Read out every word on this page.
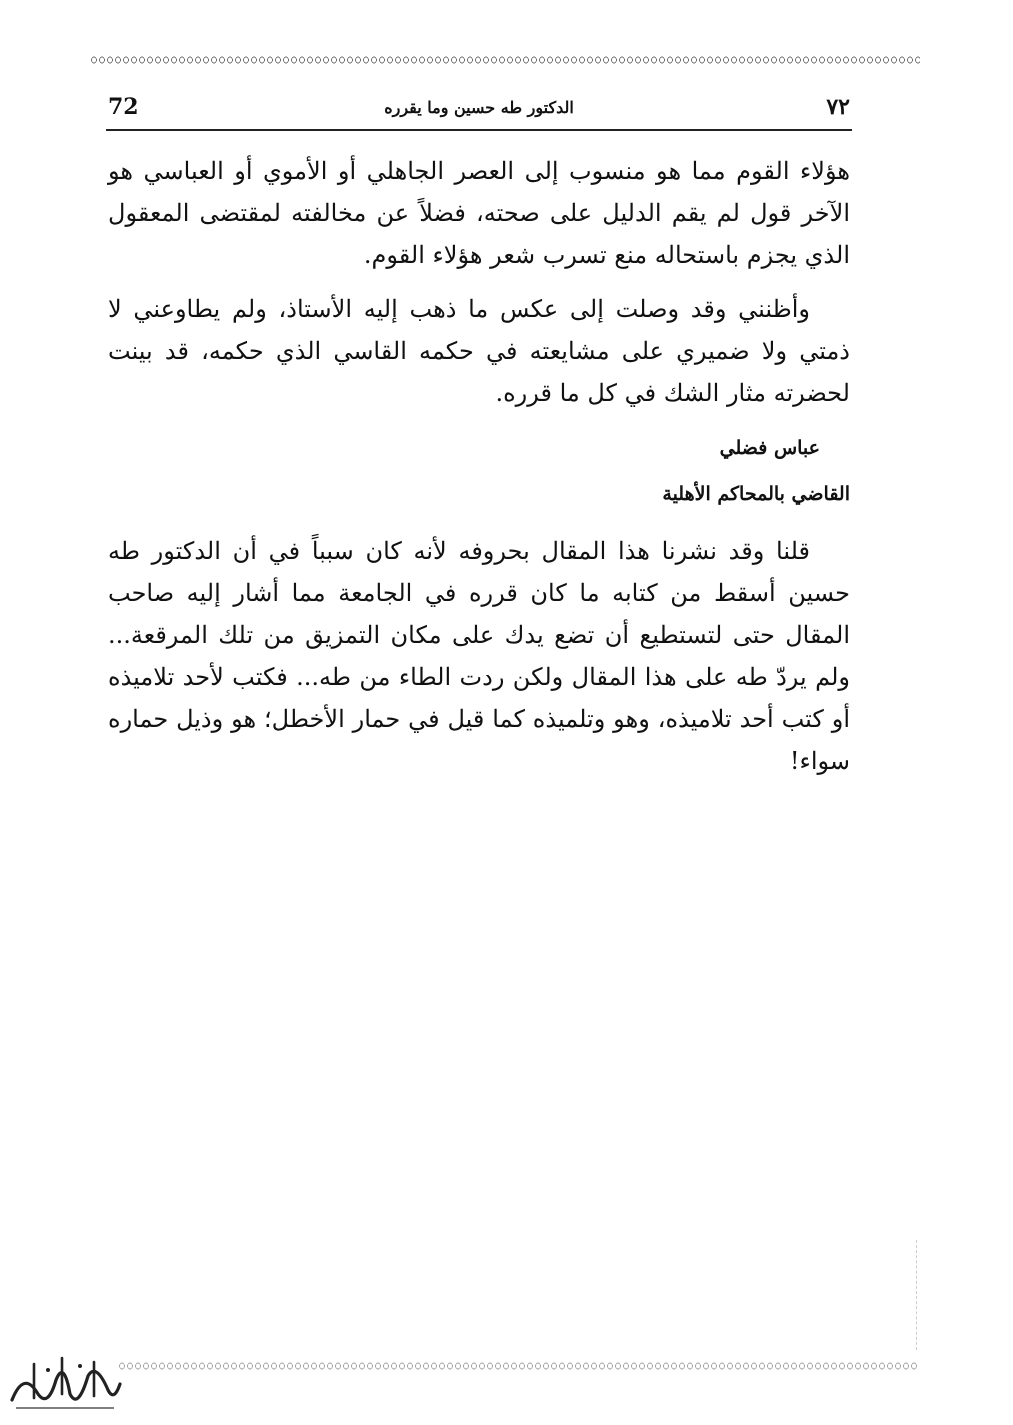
72	الدكتور طه حسين وما يقرره	٧٢

هؤلاء القوم مما هو منسوب إلى العصر الجاهلي أو الأموي أو العباسي هو الآخر قول لم يقم الدليل على صحته، فضلاً عن مخالفته لمقتضى المعقول الذي يجزم باستحاله منع تسرب شعر هؤلاء القوم.

وأظنني وقد وصلت إلى عكس ما ذهب إليه الأستاذ، ولم يطاوعني لا ذمتي ولا ضميري على مشايعته في حكمه القاسي الذي حكمه، قد بينت لحضرته مثار الشك في كل ما قرره.

عباس فضلي

القاضي بالمحاكم الأهلية

قلنا وقد نشرنا هذا المقال بحروفه لأنه كان سبباً في أن الدكتور طه حسين أسقط من كتابه ما كان قرره في الجامعة مما أشار إليه صاحب المقال حتى لتستطيع أن تضع يدك على مكان التمزيق من تلك المرقعة... ولم يردّ طه على هذا المقال ولكن ردت الطاء من طه... فكتب لأحد تلاميذه أو كتب أحد تلاميذه، وهو وتلميذه كما قيل في حمار الأخطل؛ هو وذيل حماره سواء!
